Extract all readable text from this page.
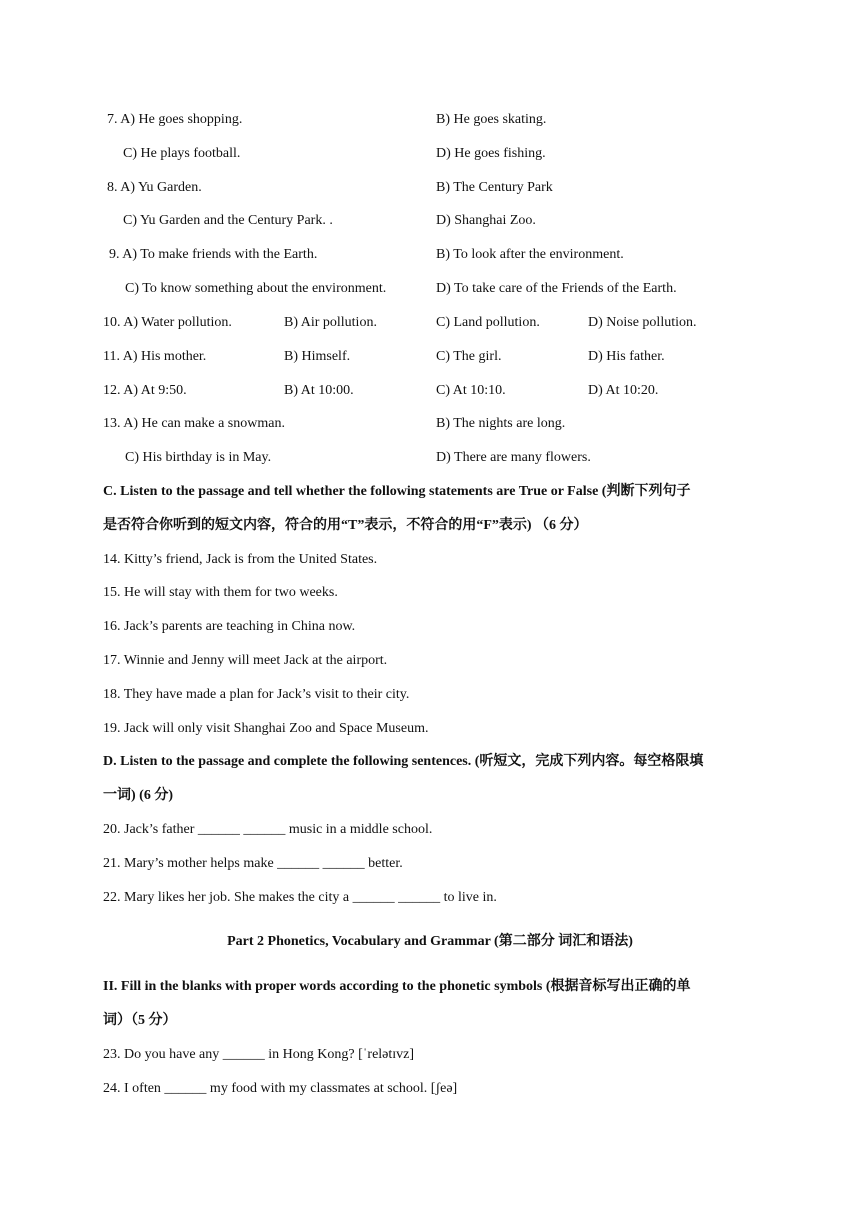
7. A) He goes shopping.	B) He goes skating.
C) He plays football.	D) He goes fishing.
8. A) Yu Garden.	B) The Century Park
C) Yu Garden and the Century Park. .	D) Shanghai Zoo.
9. A) To make friends with the Earth.	B) To look after the environment.
C) To know something about the environment.	D) To take care of the Friends of the Earth.
10. A) Water pollution.	B) Air pollution.	C) Land pollution.	D) Noise pollution.
11. A) His mother.	B) Himself.	C) The girl.	D) His father.
12. A) At 9:50.	B) At 10:00.	C) At 10:10.	D) At 10:20.
13. A) He can make a snowman.	B) The nights are long.
C) His birthday is in May.	D) There are many flowers.
C. Listen to the passage and tell whether the following statements are True or False (判断下列句子
是否符合你听到的短文内容，符合的用“T”表示，不符合的用“F”表示) （6 分）
14. Kitty’s friend, Jack is from the United States.
15. He will stay with them for two weeks.
16. Jack’s parents are teaching in China now.
17. Winnie and Jenny will meet Jack at the airport.
18. They have made a plan for Jack’s visit to their city.
19. Jack will only visit Shanghai Zoo and Space Museum.
D. Listen to the passage and complete the following sentences. (听短文，完成下列内容。每空格限填
一词) (6 分)
20. Jack’s father ______ ______ music in a middle school.
21. Mary’s mother helps make ______ ______ better.
22. Mary likes her job. She makes the city a ______ ______ to live in.
Part 2 Phonetics, Vocabulary and Grammar (第二部分 词汇和语法)
II. Fill in the blanks with proper words according to the phonetic symbols (根据音标写出正确的单
词）（5 分）
23. Do you have any ______ in Hong Kong? [ˈrelətɪvz]
24. I often ______ my food with my classmates at school. [ʃeə]
